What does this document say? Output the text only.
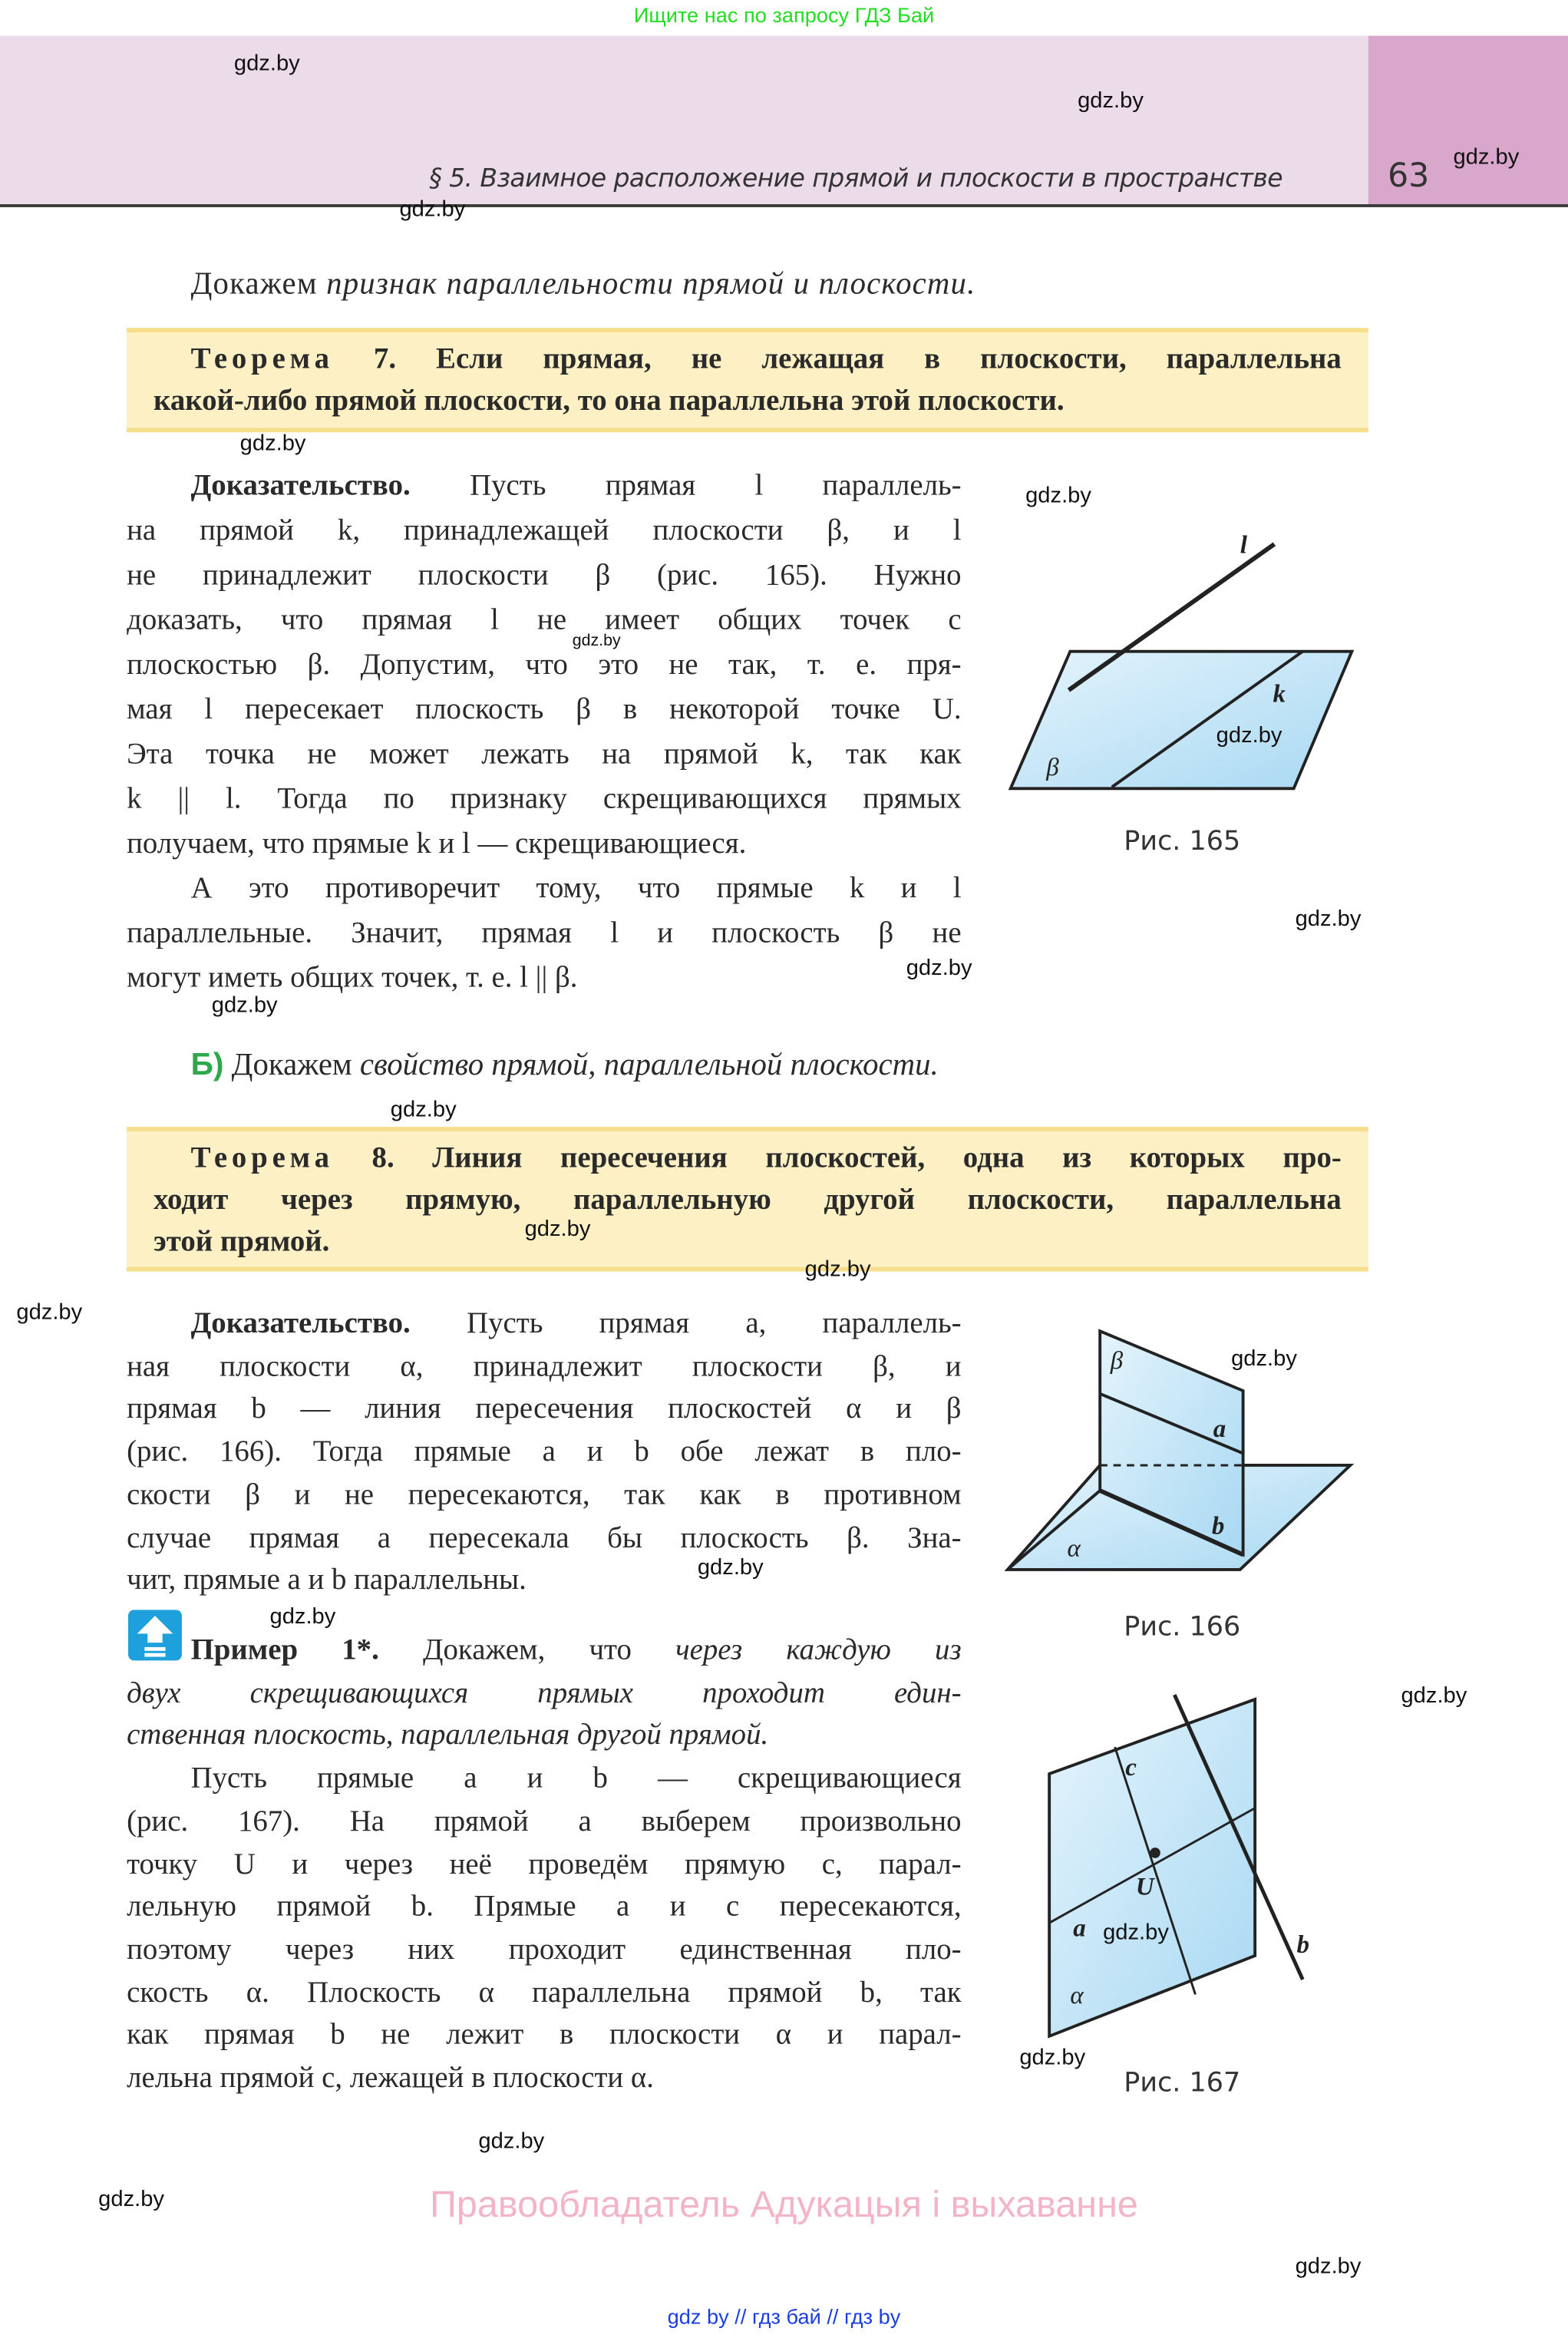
Ищите нас по запросу ГДЗ Бай
§ 5. Взаимное расположение прямой и плоскости в пространстве	63
Докажем признак параллельности прямой и плоскости.
Теорема	7. Если прямая, не лежащая в плоскости, параллельна
какой-либо прямой плоскости, то она параллельна этой плоскости.
Доказательство.	Пусть прямая l параллель-
на прямой k, принадлежащей плоскости β, и l
не принадлежит плоскости β (рис. 165). Нужно
доказать, что прямая l не имеет общих точек с
плоскостью β. Допустим, что это не так, т. е. пря-
мая l пересекает плоскость β в некоторой точке U.
Эта точка не может лежать на прямой k, так как
k || l. Тогда по признаку скрещивающихся прямых
получаем, что прямые k и l — скрещивающиеся.
А это противоречит тому, что прямые k и l
параллельные. Значит, прямая l и плоскость β не
могут иметь общих точек, т. е. l || β.
l
k
β
β
a
b
α
c
U
a
b
α
Рис. 165
Рис. 166
Рис. 167
Б) Докажем свойство прямой, параллельной плоскости.
Теорема 8. Линия пересечения плоскостей, одна из которых про-
ходит через прямую, параллельную другой плоскости, параллельна
этой прямой.
Доказательство.	Пусть прямая a, параллель-
ная плоскости α, принадлежит плоскости β, и
прямая b — линия пересечения плоскостей α и β
(рис. 166). Тогда прямые a и b обе лежат в пло-
скости β и не пересекаются, так как в противном
случае прямая a пересекала бы плоскость β. Зна-
чит, прямые a и b параллельны.
Пример 1*. Докажем, что через каждую из
двух скрещивающихся прямых проходит един-
ственная плоскость, параллельная другой прямой.
Пусть прямые a и b — скрещивающиеся
(рис. 167). На прямой a выберем произвольно
точку U и через неё проведём прямую c, парал-
лельную прямой b. Прямые a и c пересекаются,
поэтому через них проходит единственная пло-
скость α. Плоскость α параллельна прямой b, так
как прямая b не лежит в плоскости α и парал-
лельна прямой c, лежащей в плоскости α.
Правообладатель Адукацыя і выхаванне
gdz by // гдз бай // гдз by
gdz.by
gdz.by
gdz.by
gdz.by
gdz.by
gdz.by
gdz.by
gdz.by
gdz.by
gdz.by
gdz.by
gdz.by
gdz.by
gdz.by
gdz.by
gdz.by
gdz.by
gdz.by
gdz.by
gdz.by
gdz.by
gdz.by
gdz.by
gdz.by
